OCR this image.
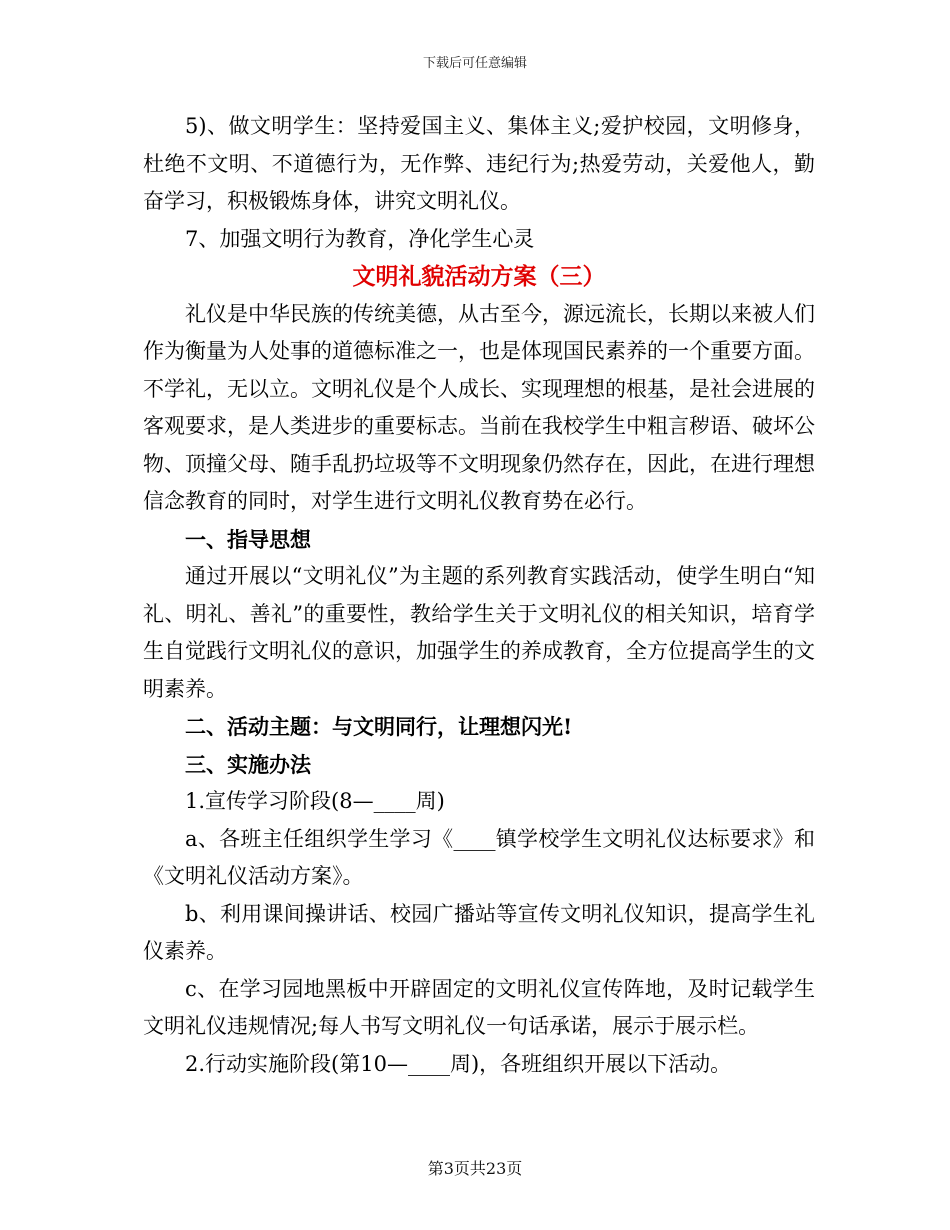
下载后可任意编辑

5)、做文明学生：坚持爱国主义、集体主义;爱护校园，文明修身，杜绝不文明、不道德行为，无作弊、违纪行为;热爱劳动，关爱他人，勤奋学习，积极锻炼身体，讲究文明礼仪。

7、加强文明行为教育，净化学生心灵

文明礼貌活动方案（三）

礼仪是中华民族的传统美德，从古至今，源远流长，长期以来被人们作为衡量为人处事的道德标准之一，也是体现国民素养的一个重要方面。不学礼，无以立。文明礼仪是个人成长、实现理想的根基，是社会进展的客观要求，是人类进步的重要标志。当前在我校学生中粗言秽语、破坏公物、顶撞父母、随手乱扔垃圾等不文明现象仍然存在，因此，在进行理想信念教育的同时，对学生进行文明礼仪教育势在必行。

一、指导思想

通过开展以“文明礼仪”为主题的系列教育实践活动，使学生明白“知礼、明礼、善礼”的重要性，教给学生关于文明礼仪的相关知识，培育学生自觉践行文明礼仪的意识，加强学生的养成教育，全方位提高学生的文明素养。

二、活动主题：与文明同行，让理想闪光!

三、实施办法

1.宣传学习阶段(8—____周)

a、各班主任组织学生学习《____镇学校学生文明礼仪达标要求》和《文明礼仪活动方案》。

b、利用课间操讲话、校园广播站等宣传文明礼仪知识，提高学生礼仪素养。

c、在学习园地黑板中开辟固定的文明礼仪宣传阵地，及时记载学生文明礼仪违规情况;每人书写文明礼仪一句话承诺，展示于展示栏。

2.行动实施阶段(第10—____周)，各班组织开展以下活动。

第3页共23页
